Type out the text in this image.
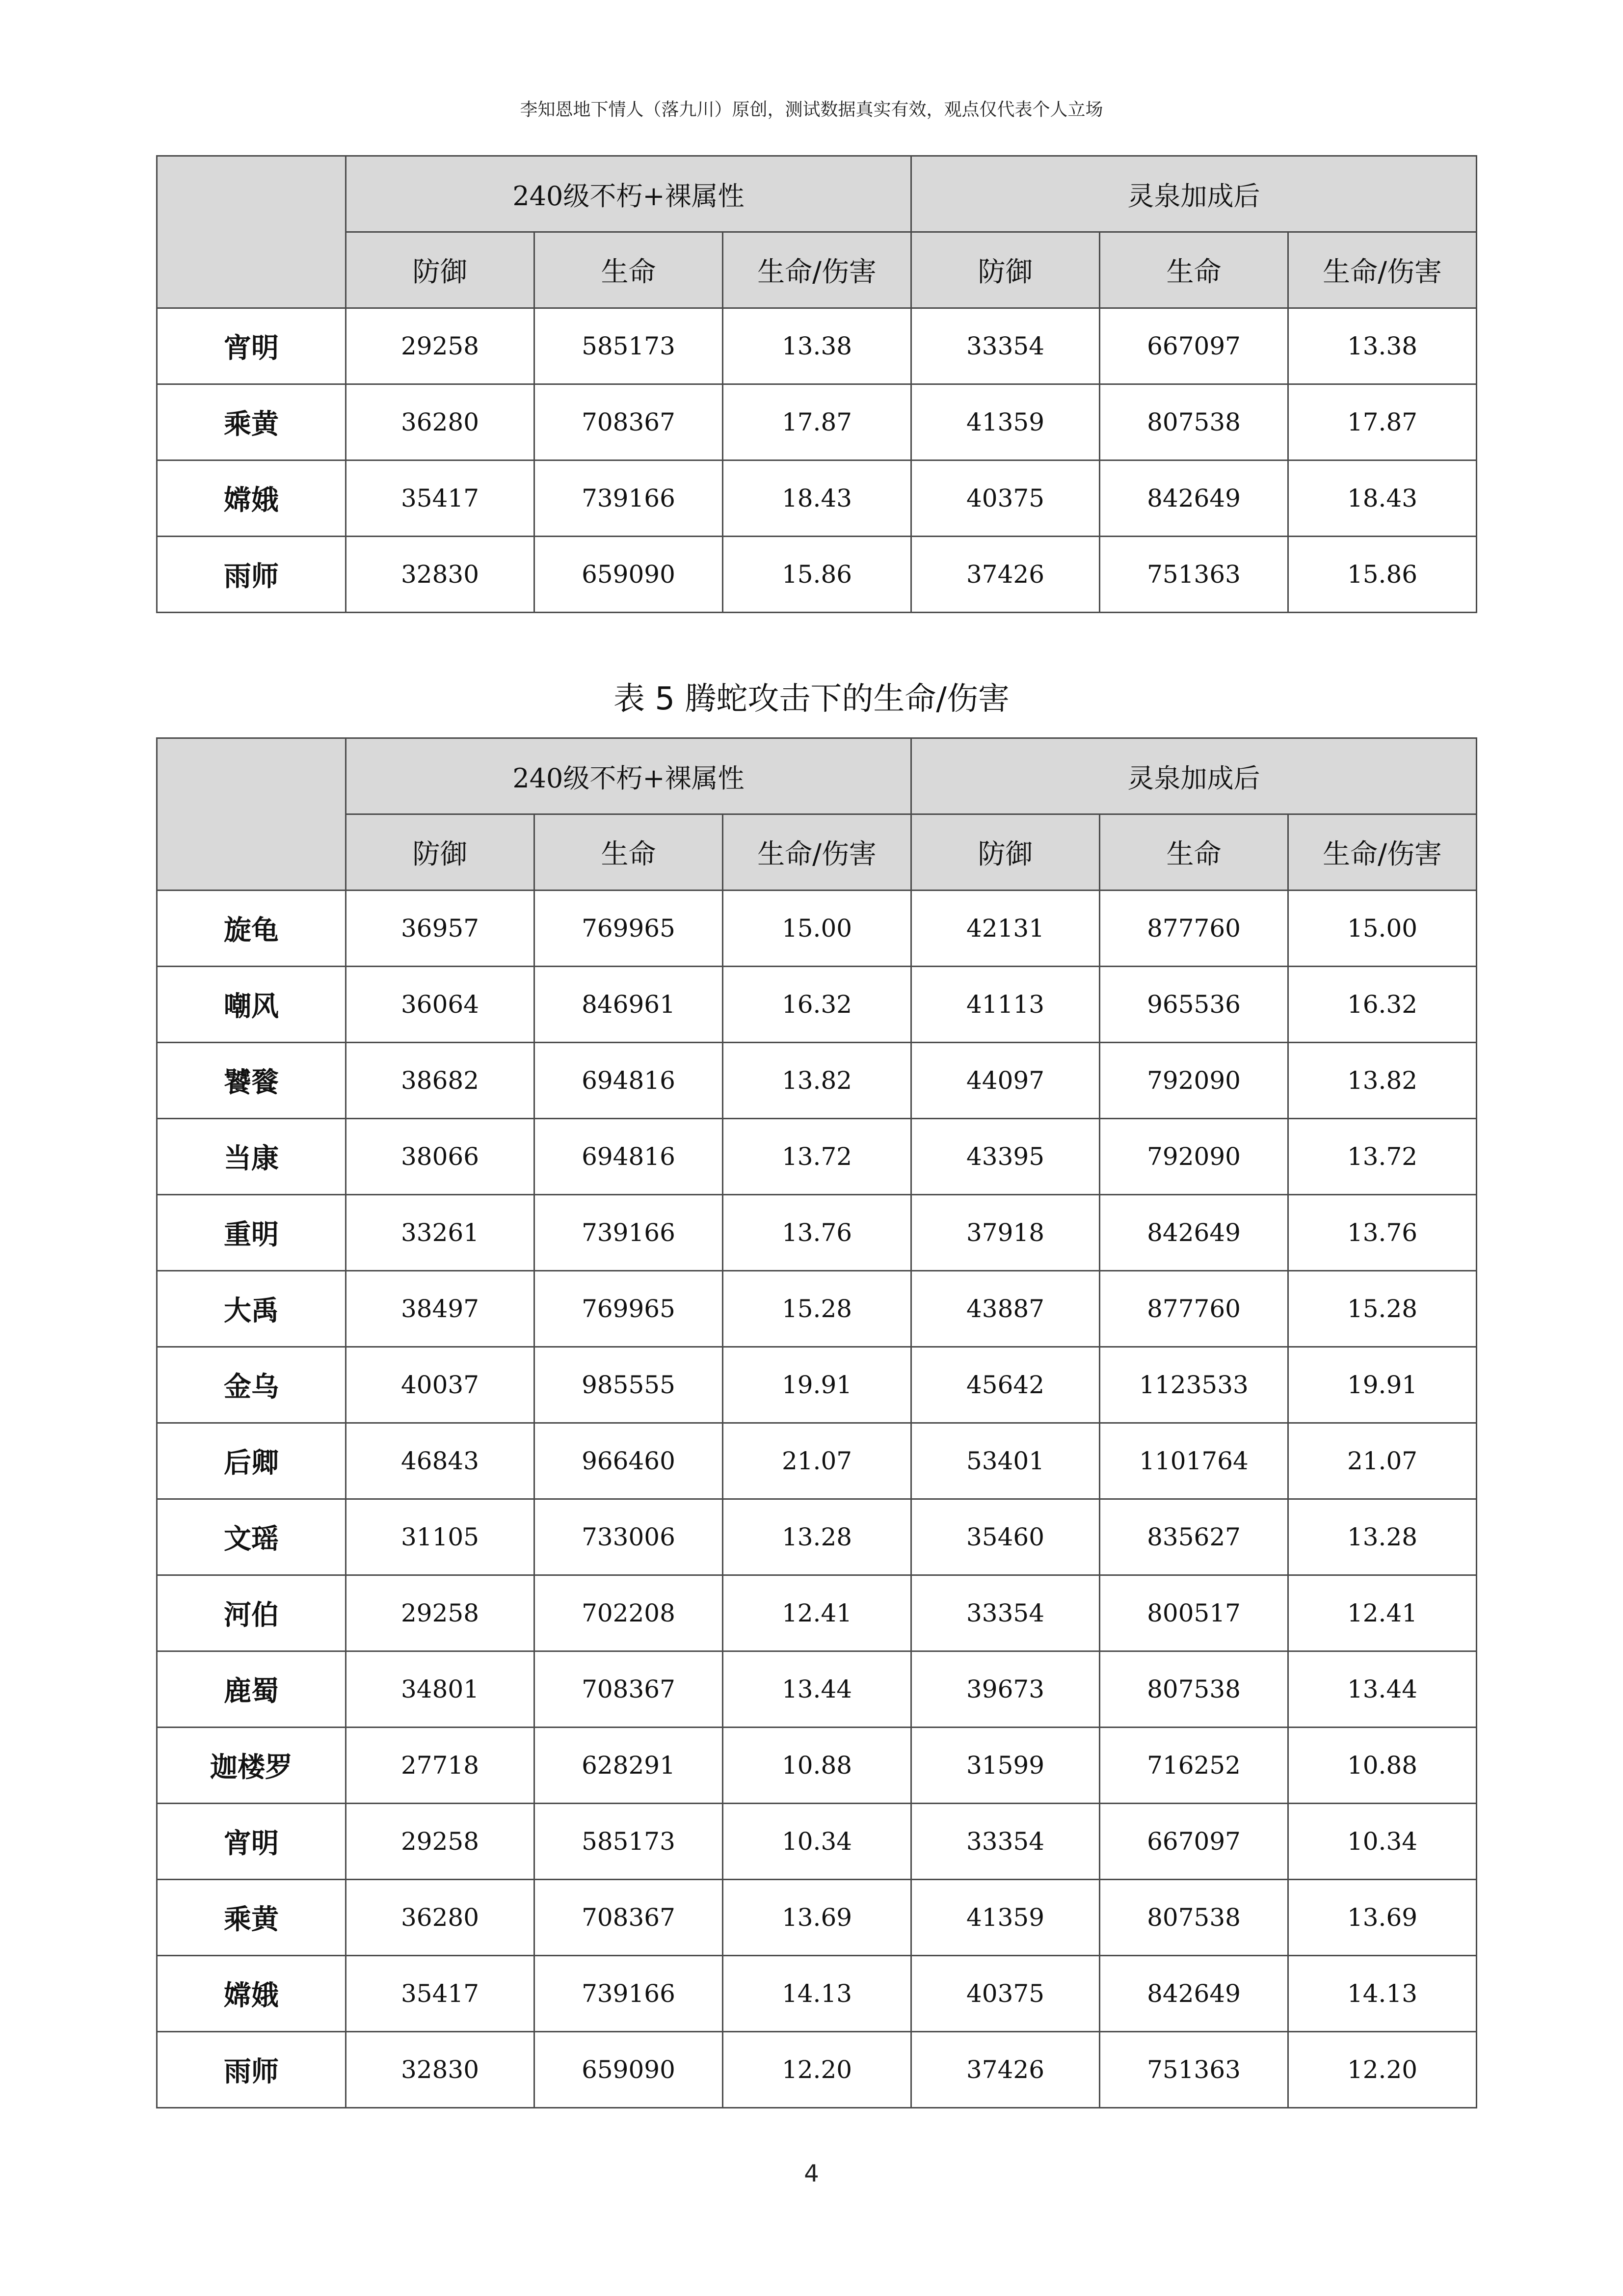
李知恩地下情人（落九川）原创，测试数据真实有效，观点仅代表个人立场
	240级不朽+裸属性			灵泉加成后		
	防御	生命	生命/伤害	防御	生命	生命/伤害
宵明	29258	585173	13.38	33354	667097	13.38
乘黄	36280	708367	17.87	41359	807538	17.87
嫦娥	35417	739166	18.43	40375	842649	18.43
雨师	32830	659090	15.86	37426	751363	15.86
表 5 腾蛇攻击下的生命/伤害
	240级不朽+裸属性			灵泉加成后		
	防御	生命	生命/伤害	防御	生命	生命/伤害
旋龟	36957	769965	15.00	42131	877760	15.00
嘲风	36064	846961	16.32	41113	965536	16.32
饕餮	38682	694816	13.82	44097	792090	13.82
当康	38066	694816	13.72	43395	792090	13.72
重明	33261	739166	13.76	37918	842649	13.76
大禹	38497	769965	15.28	43887	877760	15.28
金乌	40037	985555	19.91	45642	1123533	19.91
后卿	46843	966460	21.07	53401	1101764	21.07
文瑶	31105	733006	13.28	35460	835627	13.28
河伯	29258	702208	12.41	33354	800517	12.41
鹿蜀	34801	708367	13.44	39673	807538	13.44
迦楼罗	27718	628291	10.88	31599	716252	10.88
宵明	29258	585173	10.34	33354	667097	10.34
乘黄	36280	708367	13.69	41359	807538	13.69
嫦娥	35417	739166	14.13	40375	842649	14.13
雨师	32830	659090	12.20	37426	751363	12.20
4
